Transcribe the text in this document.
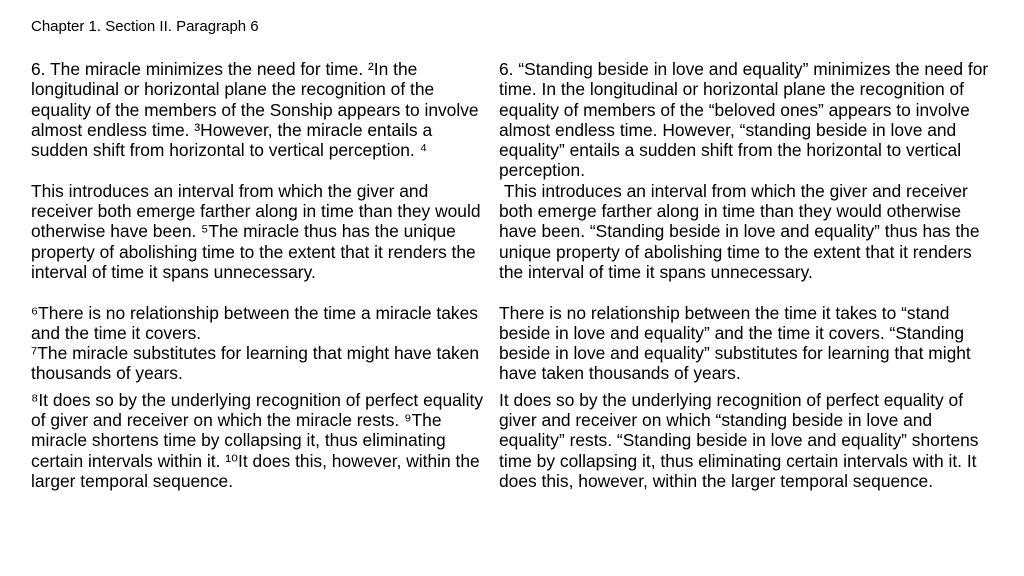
Chapter 1. Section II. Paragraph 6

6. The miracle minimizes the need for time. ²In the longitudinal or horizontal plane the recognition of the equality of the members of the Sonship appears to involve almost endless time. ³However, the miracle entails a sudden shift from horizontal to vertical perception. ⁴

This introduces an interval from which the giver and receiver both emerge farther along in time than they would otherwise have been. ⁵The miracle thus has the unique property of abolishing time to the extent that it renders the interval of time it spans unnecessary.

⁶There is no relationship between the time a miracle takes and the time it covers.

⁷The miracle substitutes for learning that might have taken thousands of years.

⁸It does so by the underlying recognition of perfect equality of giver and receiver on which the miracle rests. ⁹The miracle shortens time by collapsing it, thus eliminating certain intervals within it. ¹⁰It does this, however, within the larger temporal sequence.

6. “Standing beside in love and equality” minimizes the need for time. In the longitudinal or horizontal plane the recognition of equality of members of the “beloved ones” appears to involve almost endless time. However, “standing beside in love and equality” entails a sudden shift from the horizontal to vertical perception.

This introduces an interval from which the giver and receiver both emerge farther along in time than they would otherwise have been. “Standing beside in love and equality” thus has the unique property of abolishing time to the extent that it renders the interval of time it spans unnecessary.

There is no relationship between the time it takes to “stand beside in love and equality” and the time it covers. “Standing beside in love and equality” substitutes for learning that might have taken thousands of years.

It does so by the underlying recognition of perfect equality of giver and receiver on which “standing beside in love and equality” rests. “Standing beside in love and equality” shortens time by collapsing it, thus eliminating certain intervals with it. It does this, however, within the larger temporal sequence.
